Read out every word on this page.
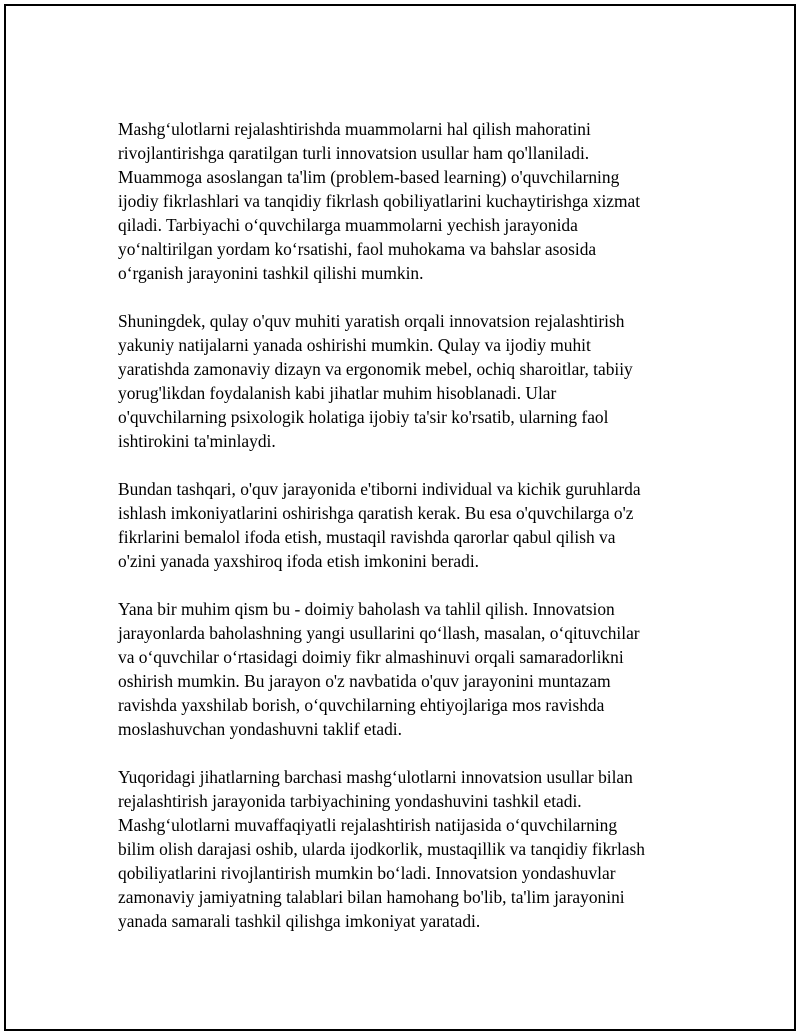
Mashg‘ulotlarni rejalashtirishda muammolarni hal qilish mahoratini
rivojlantirishga qaratilgan turli innovatsion usullar ham qo'llaniladi.
Muammoga asoslangan ta'lim (problem-based learning) o'quvchilarning
ijodiy fikrlashlari va tanqidiy fikrlash qobiliyatlarini kuchaytirishga xizmat
qiladi. Tarbiyachi o‘quvchilarga muammolarni yechish jarayonida
yo‘naltirilgan yordam ko‘rsatishi, faol muhokama va bahslar asosida
o‘rganish jarayonini tashkil qilishi mumkin.
Shuningdek, qulay o'quv muhiti yaratish orqali innovatsion rejalashtirish
yakuniy natijalarni yanada oshirishi mumkin. Qulay va ijodiy muhit
yaratishda zamonaviy dizayn va ergonomik mebel, ochiq sharoitlar, tabiiy
yorug'likdan foydalanish kabi jihatlar muhim hisoblanadi. Ular
o'quvchilarning psixologik holatiga ijobiy ta'sir ko'rsatib, ularning faol
ishtirokini ta'minlaydi.
Bundan tashqari, o'quv jarayonida e'tiborni individual va kichik guruhlarda
ishlash imkoniyatlarini oshirishga qaratish kerak. Bu esa o'quvchilarga o'z
fikrlarini bemalol ifoda etish, mustaqil ravishda qarorlar qabul qilish va
o'zini yanada yaxshiroq ifoda etish imkonini beradi.
Yana bir muhim qism bu - doimiy baholash va tahlil qilish. Innovatsion
jarayonlarda baholashning yangi usullarini qo‘llash, masalan, o‘qituvchilar
va o‘quvchilar o‘rtasidagi doimiy fikr almashinuvi orqali samaradorlikni
oshirish mumkin. Bu jarayon o'z navbatida o'quv jarayonini muntazam
ravishda yaxshilab borish, o‘quvchilarning ehtiyojlariga mos ravishda
moslashuvchan yondashuvni taklif etadi.
Yuqoridagi jihatlarning barchasi mashg‘ulotlarni innovatsion usullar bilan
rejalashtirish jarayonida tarbiyachining yondashuvini tashkil etadi.
Mashg‘ulotlarni muvaffaqiyatli rejalashtirish natijasida o‘quvchilarning
bilim olish darajasi oshib, ularda ijodkorlik, mustaqillik va tanqidiy fikrlash
qobiliyatlarini rivojlantirish mumkin bo‘ladi. Innovatsion yondashuvlar
zamonaviy jamiyatning talablari bilan hamohang bo'lib, ta'lim jarayonini
yanada samarali tashkil qilishga imkoniyat yaratadi.
